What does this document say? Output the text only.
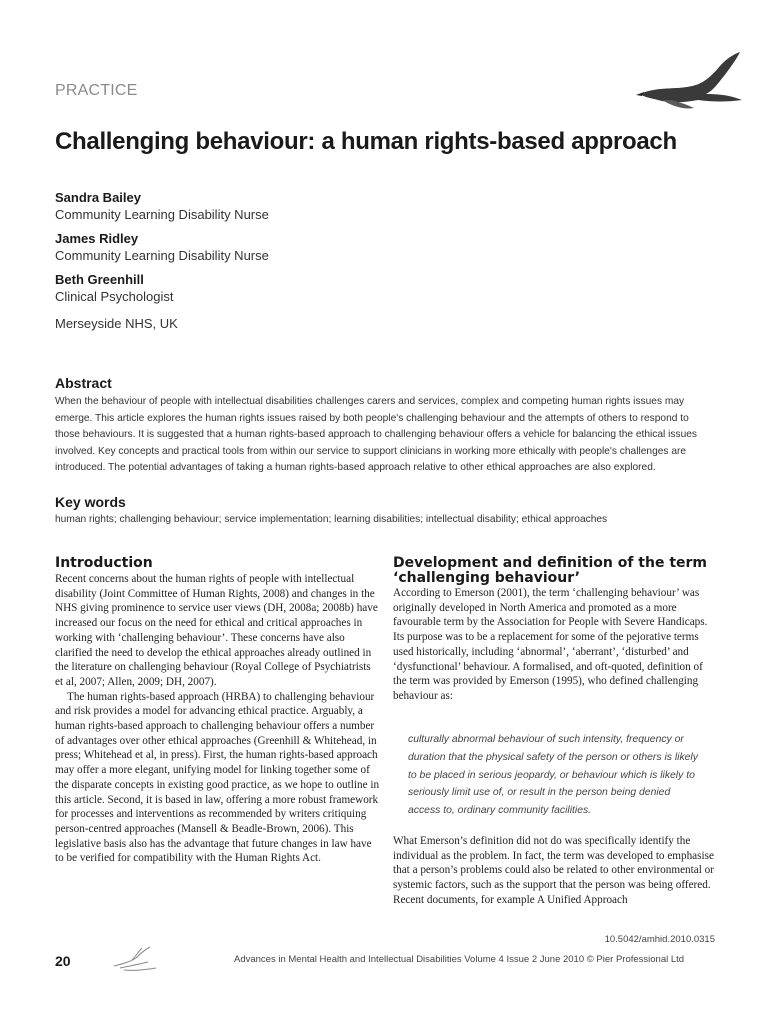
PRACTICE
Challenging behaviour: a human rights-based approach
Sandra Bailey
Community Learning Disability Nurse
James Ridley
Community Learning Disability Nurse
Beth Greenhill
Clinical Psychologist
Merseyside NHS, UK
Abstract
When the behaviour of people with intellectual disabilities challenges carers and services, complex and competing human rights issues may emerge. This article explores the human rights issues raised by both people's challenging behaviour and the attempts of others to respond to those behaviours. It is suggested that a human rights-based approach to challenging behaviour offers a vehicle for balancing the ethical issues involved. Key concepts and practical tools from within our service to support clinicians in working more ethically with people's challenges are introduced. The potential advantages of taking a human rights-based approach relative to other ethical approaches are also explored.
Key words
human rights; challenging behaviour; service implementation; learning disabilities; intellectual disability; ethical approaches
Introduction

Recent concerns about the human rights of people with intellectual disability (Joint Committee of Human Rights, 2008) and changes in the NHS giving prominence to service user views (DH, 2008a; 2008b) have increased our focus on the need for ethical and critical approaches in working with ‘challenging behaviour’. These concerns have also clarified the need to develop the ethical approaches already outlined in the literature on challenging behaviour (Royal College of Psychiatrists et al, 2007; Allen, 2009; DH, 2007).

The human rights-based approach (HRBA) to challenging behaviour and risk provides a model for advancing ethical practice. Arguably, a human rights-based approach to challenging behaviour offers a number of advantages over other ethical approaches (Greenhill & Whitehead, in press; Whitehead et al, in press). First, the human rights-based approach may offer a more elegant, unifying model for linking together some of the disparate concepts in existing good practice, as we hope to outline in this article. Second, it is based in law, offering a more robust framework for processes and interventions as recommended by writers critiquing person-centred approaches (Mansell & Beadle-Brown, 2006). This legislative basis also has the advantage that future changes in law have to be verified for compatibility with the Human Rights Act.

Development and definition of the term ‘challenging behaviour’

According to Emerson (2001), the term ‘challenging behaviour’ was originally developed in North America and promoted as a more favourable term by the Association for People with Severe Handicaps. Its purpose was to be a replacement for some of the pejorative terms used historically, including ‘abnormal’, ‘aberrant’, ‘disturbed’ and ‘dysfunctional’ behaviour. A formalised, and oft-quoted, definition of the term was provided by Emerson (1995), who defined challenging behaviour as:

culturally abnormal behaviour of such intensity, frequency or duration that the physical safety of the person or others is likely to be placed in serious jeopardy, or behaviour which is likely to seriously limit use of, or result in the person being denied access to, ordinary community facilities.
What Emerson’s definition did not do was specifically identify the individual as the problem. In fact, the term was developed to emphasise that a person’s problems could also be related to other environmental or systemic factors, such as the support that the person was being offered. Recent documents, for example A Unified Approach
10.5042/amhid.2010.0315
20	Advances in Mental Health and Intellectual Disabilities Volume 4 Issue 2 June 2010 © Pier Professional Ltd
